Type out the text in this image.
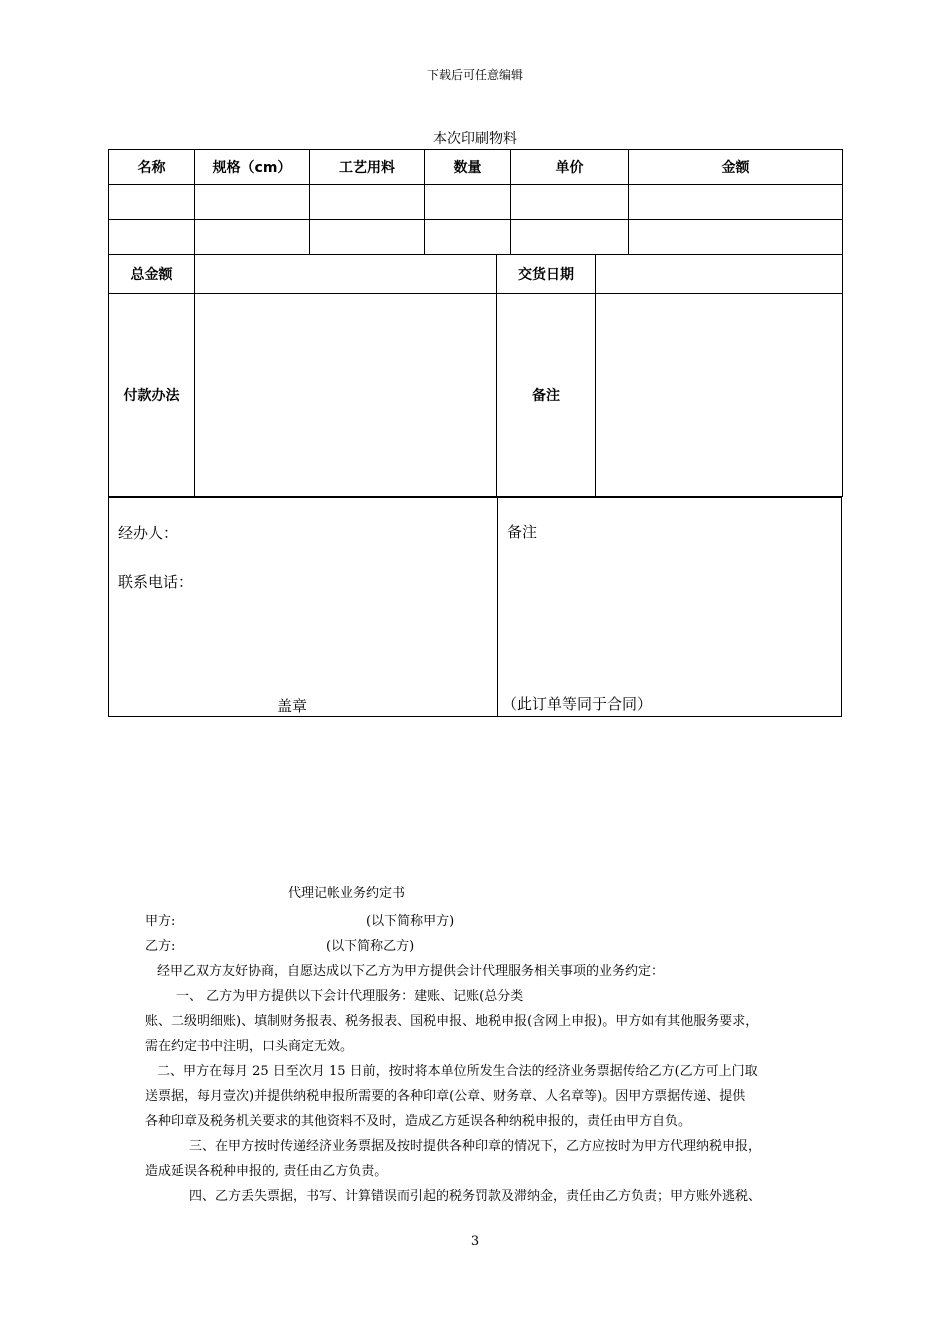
下载后可任意编辑
本次印刷物料
名称	规格（cm）	工艺用料	数量	单价	金额

总金额		交货日期	
付款办法		备注	
经办人：
联系电话：
盖章
备注
（此订单等同于合同）
代理记帐业务约定书
甲方:	(以下简称甲方)
乙方:	(以下简称乙方)
经甲乙双方友好协商，自愿达成以下乙方为甲方提供会计代理服务相关事项的业务约定：
一、 乙方为甲方提供以下会计代理服务：建账、记账(总分类
账、二级明细账)、填制财务报表、税务报表、国税申报、地税申报(含网上申报)。甲方如有其他服务要求，
需在约定书中注明，口头商定无效。
二、甲方在每月 25 日至次月 15 日前，按时将本单位所发生合法的经济业务票据传给乙方(乙方可上门取
送票据，每月壹次)并提供纳税申报所需要的各种印章(公章、财务章、人名章等)。因甲方票据传递、提供
各种印章及税务机关要求的其他资料不及时，造成乙方延误各种纳税申报的，责任由甲方自负。
三、在甲方按时传递经济业务票据及按时提供各种印章的情况下，乙方应按时为甲方代理纳税申报，
造成延误各税种申报的, 责任由乙方负责。
四、乙方丢失票据，书写、计算错误而引起的税务罚款及滞纳金，责任由乙方负责；甲方账外逃税、
3
